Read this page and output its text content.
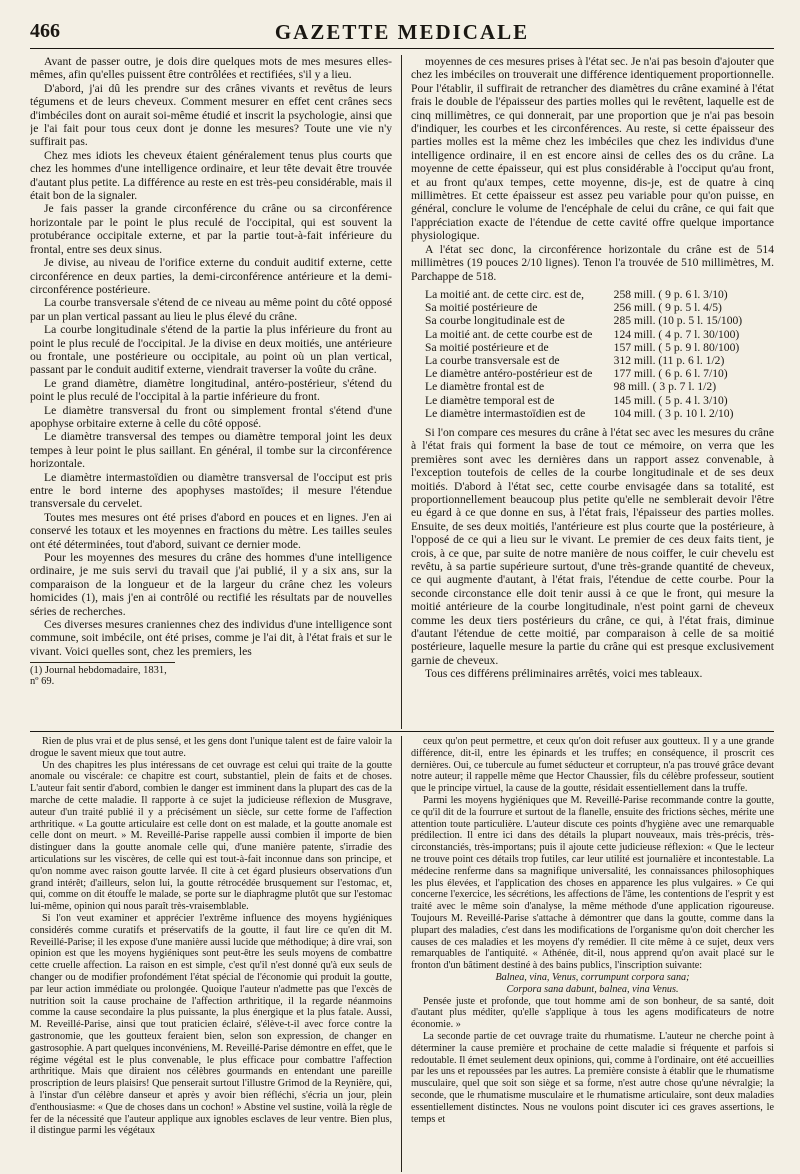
466	GAZETTE MEDICALE

Avant de passer outre, je dois dire quelques mots de mes mesures elles-mêmes, afin qu'elles puissent être contrôlées et rectifiées, s'il y a lieu.

D'abord, j'ai dû les prendre sur des crânes vivants et revêtus de leurs tégumens et de leurs cheveux. Comment mesurer en effet cent crânes secs d'imbéciles dont on aurait soi-même étudié et inscrit la psychologie, ainsi que je l'ai fait pour tous ceux dont je donne les mesures? Toute une vie n'y suffirait pas.

Chez mes idiots les cheveux étaient généralement tenus plus courts que chez les hommes d'une intelligence ordinaire, et leur tête devait être trouvée d'autant plus petite. La différence au reste en est très-peu considérable, mais il était bon de la signaler.

Je fais passer la grande circonférence du crâne ou sa circonférence horizontale par le point le plus reculé de l'occipital, qui est souvent la protubérance occipitale externe, et par la partie tout-à-fait inférieure du frontal, entre ses deux sinus.

Je divise, au niveau de l'orifice externe du conduit auditif externe, cette circonférence en deux parties, la demi-circonférence antérieure et la demi-circonférence postérieure.

La courbe transversale s'étend de ce niveau au même point du côté opposé par un plan vertical passant au lieu le plus élevé du crâne.

La courbe longitudinale s'étend de la partie la plus inférieure du front au point le plus reculé de l'occipital. Je la divise en deux moitiés, une antérieure ou frontale, une postérieure ou occipitale, au point où un plan vertical, passant par le conduit auditif externe, viendrait traverser la voûte du crâne.

Le grand diamètre, diamètre longitudinal, antéro-postérieur, s'étend du point le plus reculé de l'occipital à la partie inférieure du front.

Le diamètre transversal du front ou simplement frontal s'étend d'une apophyse orbitaire externe à celle du côté opposé.

Le diamètre transversal des tempes ou diamètre temporal joint les deux tempes à leur point le plus saillant. En général, il tombe sur la circonférence horizontale.

Le diamètre intermastoïdien ou diamètre transversal de l'occiput est pris entre le bord interne des apophyses mastoïdes; il mesure l'étendue transversale du cervelet.

Toutes mes mesures ont été prises d'abord en pouces et en lignes. J'en ai conservé les totaux et les moyennes en fractions du mètre. Les tailles seules ont été déterminées, tout d'abord, suivant ce dernier mode.

Pour les moyennes des mesures du crâne des hommes d'une intelligence ordinaire, je me suis servi du travail que j'ai publié, il y a six ans, sur la comparaison de la longueur et de la largeur du crâne chez les voleurs homicides (1), mais j'en ai contrôlé ou rectifié les résultats par de nouvelles séries de recherches.

Ces diverses mesures craniennes chez des individus d'une intelligence sont commune, soit imbécile, ont été prises, comme je l'ai dit, à l'état frais et sur le vivant. Voici quelles sont, chez les premiers, les

(1) Journal hebdomadaire, 1831, nº 69.

moyennes de ces mesures prises à l'état sec. Je n'ai pas besoin d'ajouter que chez les imbéciles on trouverait une différence identiquement proportionnelle. Pour l'établir, il suffirait de retrancher des diamètres du crâne examiné à l'état frais le double de l'épaisseur des parties molles qui le revêtent, laquelle est de cinq millimètres, ce qui donnerait, par une proportion que je n'ai pas besoin d'indiquer, les courbes et les circonférences. Au reste, si cette épaisseur des parties molles est la même chez les imbéciles que chez les individus d'une intelligence ordinaire, il en est encore ainsi de celles des os du crâne. La moyenne de cette épaisseur, qui est plus considérable à l'occiput qu'au front, et au front qu'aux tempes, cette moyenne, dis-je, est de quatre à cinq millimètres. Et cette épaisseur est assez peu variable pour qu'on puisse, en général, conclure le volume de l'encéphale de celui du crâne, ce qui fait que l'appréciation exacte de l'étendue de cette cavité offre quelque importance physiologique.

A l'état sec donc, la circonférence horizontale du crâne est de 514 millimètres (19 pouces 2/10 lignes). Tenon l'a trouvée de 510 millimètres, M. Parchappe de 518.

La moitié ant. de cette circ. est de,	258 mill. ( 9 p. 6 l. 3/10)
Sa moitié postérieure de	256 mill. ( 9 p. 5 l. 4/5)
Sa courbe longitudinale est de	285 mill. (10 p. 5 l. 15/100)
La moitié ant. de cette courbe est de	124 mill. ( 4 p. 7 l. 30/100)
Sa moitié postérieure et de	157 mill. ( 5 p. 9 l. 80/100)
La courbe transversale est de	312 mill. (11 p. 6 l. 1/2)
Le diamètre antéro-postérieur est de	177 mill. ( 6 p. 6 l. 7/10)
Le diamètre frontal est de	98 mill. ( 3 p. 7 l. 1/2)
Le diamètre temporal est de	145 mill. ( 5 p. 4 l. 3/10)
Le diamètre intermastoïdien est de	104 mill. ( 3 p. 10 l. 2/10)

Si l'on compare ces mesures du crâne à l'état sec avec les mesures du crâne à l'état frais qui forment la base de tout ce mémoire, on verra que les premières sont avec les dernières dans un rapport assez convenable, à l'exception toutefois de celles de la courbe longitudinale et de ses deux moitiés. D'abord à l'état sec, cette courbe envisagée dans sa totalité, est proportionnellement beaucoup plus petite qu'elle ne semblerait devoir l'être eu égard à ce que donne en sus, à l'état frais, l'épaisseur des parties molles. Ensuite, de ses deux moitiés, l'antérieure est plus courte que la postérieure, à l'opposé de ce qui a lieu sur le vivant. Le premier de ces deux faits tient, je crois, à ce que, par suite de notre manière de nous coiffer, le cuir chevelu est revêtu, à sa partie supérieure surtout, d'une très-grande quantité de cheveux, ce qui augmente d'autant, à l'état frais, l'étendue de cette courbe. Pour la seconde circonstance elle doit tenir aussi à ce que le front, qui mesure la moitié antérieure de la courbe longitudinale, n'est point garni de cheveux comme les deux tiers postérieurs du crâne, ce qui, à l'état frais, diminue d'autant l'étendue de cette moitié, par comparaison à celle de sa moitié postérieure, laquelle mesure la partie du crâne qui est presque exclusivement garnie de cheveux.

Tous ces différens préliminaires arrêtés, voici mes tableaux.

Rien de plus vrai et de plus sensé, et les gens dont l'unique talent est de faire valoir la drogue le savent mieux que tout autre.

Un des chapitres les plus intéressans de cet ouvrage est celui qui traite de la goutte anomale ou viscérale: ce chapitre est court, substantiel, plein de faits et de choses. L'auteur fait sentir d'abord, combien le danger est imminent dans la plupart des cas de la marche de cette maladie. Il rapporte à ce sujet la judicieuse réflexion de Musgrave, auteur d'un traité publié il y a précisément un siècle, sur cette forme de l'affection arthritique. « La goutte articulaire est celle dont on est malade, et la goutte anomale est celle dont on meurt. » M. Reveillé-Parise rappelle aussi combien il importe de bien distinguer dans la goutte anomale celle qui, d'une manière patente, s'irradie des articulations sur les viscères, de celle qui est tout-à-fait inconnue dans son principe, et qu'on nomme avec raison goutte larvée. Il cite à cet égard plusieurs observations d'un grand intérêt; d'ailleurs, selon lui, la goutte rétrocédée brusquement sur l'estomac, et, qui, comme on dit étouffe le malade, se porte sur le diaphragme plutôt que sur l'estomac lui-même, opinion qui nous paraît très-vraisemblable.

Si l'on veut examiner et apprécier l'extrême influence des moyens hygiéniques considérés comme curatifs et préservatifs de la goutte, il faut lire ce qu'en dit M. Reveillé-Parise; il les expose d'une manière aussi lucide que méthodique; à dire vrai, son opinion est que les moyens hygiéniques sont peut-être les seuls moyens de combattre cette cruelle affection. La raison en est simple, c'est qu'il n'est donné qu'à eux seuls de changer ou de modifier profondément l'état spécial de l'économie qui produit la goutte, par leur action immédiate ou prolongée. Quoique l'auteur n'admette pas que l'excès de nutrition soit la cause prochaine de l'affection arthritique, il la regarde néanmoins comme la cause secondaire la plus puissante, la plus énergique et la plus fatale. Aussi, M. Reveillé-Parise, ainsi que tout praticien éclairé, s'élève-t-il avec force contre la gastronomie, que les goutteux feraient bien, selon son expression, de changer en gastrosophie. A part quelques inconvéniens, M. Reveillé-Parise démontre en effet, que le régime végétal est le plus convenable, le plus efficace pour combattre l'affection arthritique. Mais que diraient nos célèbres gourmands en entendant une pareille proscription de leurs plaisirs! Que penserait surtout l'illustre Grimod de la Reynière, qui, à l'instar d'un célèbre danseur et après y avoir bien réfléchi, s'écria un jour, plein d'enthousiasme: « Que de choses dans un cochon! » Abstine vel sustine, voilà la règle de fer de la nécessité que l'auteur applique aux ignobles esclaves de leur ventre. Bien plus, il distingue parmi les végétaux

ceux qu'on peut permettre, et ceux qu'on doit refuser aux goutteux. Il y a une grande différence, dit-il, entre les épinards et les truffes; en conséquence, il proscrit ces dernières. Oui, ce tubercule au fumet séducteur et corrupteur, n'a pas trouvé grâce devant notre auteur; il rappelle même que Hector Chaussier, fils du célèbre professeur, soutient que le principe virtuel, la cause de la goutte, résidait essentiellement dans la truffe.

Parmi les moyens hygiéniques que M. Reveillé-Parise recommande contre la goutte, ce qu'il dit de la fourrure et surtout de la flanelle, ensuite des frictions sèches, mérite une attention toute particulière. L'auteur discute ces points d'hygiène avec une remarquable prédilection. Il entre ici dans des détails la plupart nouveaux, mais très-précis, très-circonstanciés, très-importans; puis il ajoute cette judicieuse réflexion: « Que le lecteur ne trouve point ces détails trop futiles, car leur utilité est journalière et incontestable. La médecine renferme dans sa magnifique universalité, les connaissances philosophiques les plus élevées, et l'application des choses en apparence les plus vulgaires. » Ce qui concerne l'exercice, les sécrétions, les affections de l'âme, les contentions de l'esprit y est traité avec le même soin d'analyse, la même méthode d'une application rigoureuse. Toujours M. Reveillé-Parise s'attache à démontrer que dans la goutte, comme dans la plupart des maladies, c'est dans les modifications de l'organisme qu'on doit chercher les causes de ces maladies et les moyens d'y remédier. Il cite même à ce sujet, deux vers remarquables de l'antiquité. « Athénée, dit-il, nous apprend qu'on avait placé sur le fronton d'un bâtiment destiné à des bains publics, l'inscription suivante:

Balnea, vina, Venus, corrumpunt corpora sana;

Corpora sana dabunt, balnea, vina Venus.

Pensée juste et profonde, que tout homme ami de son bonheur, de sa santé, doit d'autant plus méditer, qu'elle s'applique à tous les agens modificateurs de notre économie. »

La seconde partie de cet ouvrage traite du rhumatisme. L'auteur ne cherche point à déterminer la cause première et prochaine de cette maladie si fréquente et parfois si redoutable. Il émet seulement deux opinions, qui, comme à l'ordinaire, ont été accueillies par les uns et repoussées par les autres. La première consiste à établir que le rhumatisme musculaire, quel que soit son siège et sa forme, n'est autre chose qu'une névralgie; la seconde, que le rhumatisme musculaire et le rhumatisme articulaire, sont deux maladies essentiellement distinctes. Nous ne voulons point discuter ici ces graves assertions, le temps et
